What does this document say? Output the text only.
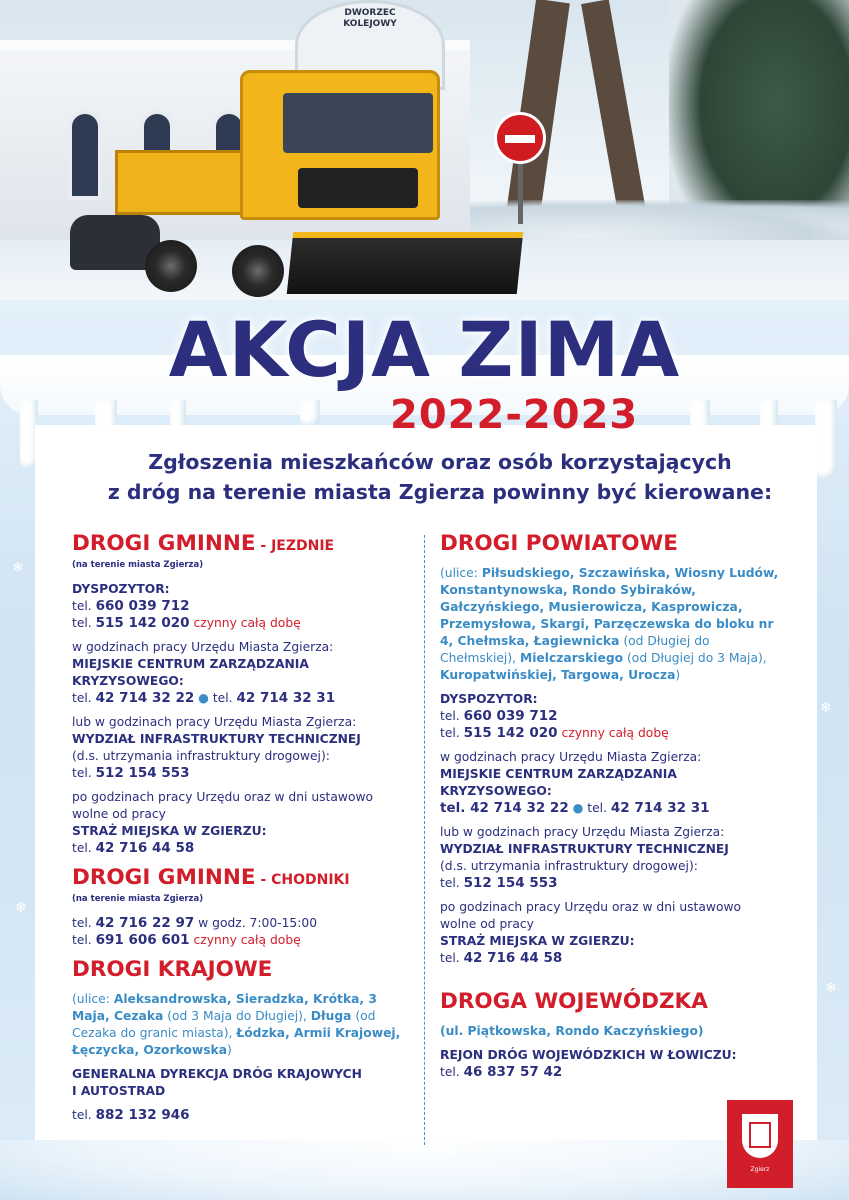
DWORZEC KOLEJOWY
❄
❄
❄
❄
AKCJA ZIMA
2022-2023
Zgłoszenia mieszkańców oraz osób korzystających
z dróg na terenie miasta Zgierza powinny być kierowane:
DROGI GMINNE - JEZDNIE
(na terenie miasta Zgierza)
DYSPOZYTOR:
tel. 660 039 712
tel. 515 142 020 czynny całą dobę
w godzinach pracy Urzędu Miasta Zgierza:
MIEJSKIE CENTRUM ZARZĄDZANIA
KRYZYSOWEGO:
tel. 42 714 32 22 ● tel. 42 714 32 31
lub w godzinach pracy Urzędu Miasta Zgierza:
WYDZIAŁ INFRASTRUKTURY TECHNICZNEJ
(d.s. utrzymania infrastruktury drogowej):
tel. 512 154 553
po godzinach pracy Urzędu oraz w dni ustawowo
wolne od pracy
STRAŻ MIEJSKA W ZGIERZU:
tel. 42 716 44 58
DROGI GMINNE - CHODNIKI
(na terenie miasta Zgierza)
tel. 42 716 22 97 w godz. 7:00-15:00
tel. 691 606 601 czynny całą dobę
DROGI KRAJOWE
(ulice: Aleksandrowska, Sieradzka, Krótka, 3 Maja, Cezaka (od 3 Maja do Długiej), Długa (od Cezaka do granic miasta), Łódzka, Armii Krajowej, Łęczycka, Ozorkowska)
GENERALNA DYREKCJA DRÓG KRAJOWYCH
I AUTOSTRAD
tel. 882 132 946
DROGI POWIATOWE
(ulice: Piłsudskiego, Szczawińska, Wiosny Ludów, Konstantynowska, Rondo Sybiraków, Gałczyńskiego, Musierowicza, Kasprowicza, Przemysłowa, Skargi, Parzęczewska do bloku nr 4, Chełmska, Łagiewnicka (od Długiej do Chełmskiej), Mielczarskiego (od Długiej do 3 Maja), Kuropatwińskiej, Targowa, Urocza)
DYSPOZYTOR:
tel. 660 039 712
tel. 515 142 020 czynny całą dobę
w godzinach pracy Urzędu Miasta Zgierza:
MIEJSKIE CENTRUM ZARZĄDZANIA
KRYZYSOWEGO:
tel. 42 714 32 22 ● tel. 42 714 32 31
lub w godzinach pracy Urzędu Miasta Zgierza:
WYDZIAŁ INFRASTRUKTURY TECHNICZNEJ
(d.s. utrzymania infrastruktury drogowej):
tel. 512 154 553
po godzinach pracy Urzędu oraz w dni ustawowo
wolne od pracy
STRAŻ MIEJSKA W ZGIERZU:
tel. 42 716 44 58
DROGA WOJEWÓDZKA
(ul. Piątkowska, Rondo Kaczyńskiego)
REJON DRÓG WOJEWÓDZKICH W ŁOWICZU:
tel. 46 837 57 42
Zgierz
